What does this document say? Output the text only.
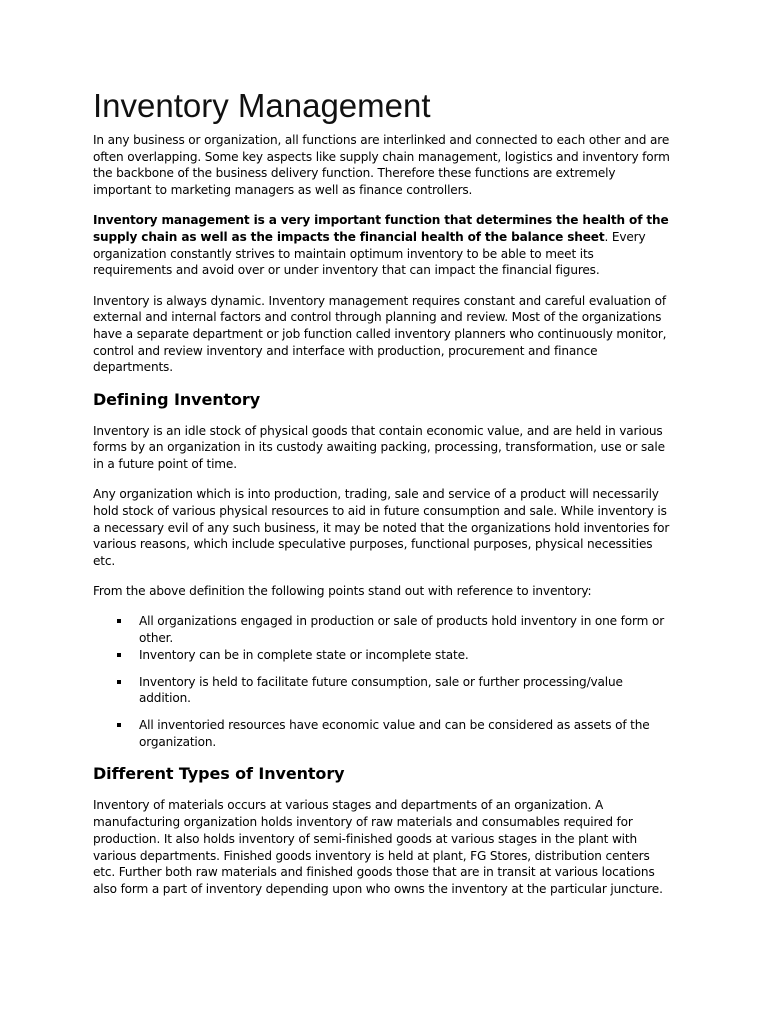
Inventory Management

In any business or organization, all functions are interlinked and connected to each other and are often overlapping. Some key aspects like supply chain management, logistics and inventory form the backbone of the business delivery function. Therefore these functions are extremely important to marketing managers as well as finance controllers.

Inventory management is a very important function that determines the health of the supply chain as well as the impacts the financial health of the balance sheet. Every organization constantly strives to maintain optimum inventory to be able to meet its requirements and avoid over or under inventory that can impact the financial figures.

Inventory is always dynamic. Inventory management requires constant and careful evaluation of external and internal factors and control through planning and review. Most of the organizations have a separate department or job function called inventory planners who continuously monitor, control and review inventory and interface with production, procurement and finance departments.

Defining Inventory

Inventory is an idle stock of physical goods that contain economic value, and are held in various forms by an organization in its custody awaiting packing, processing, transformation, use or sale in a future point of time.

Any organization which is into production, trading, sale and service of a product will necessarily hold stock of various physical resources to aid in future consumption and sale. While inventory is a necessary evil of any such business, it may be noted that the organizations hold inventories for various reasons, which include speculative purposes, functional purposes, physical necessities etc.

From the above definition the following points stand out with reference to inventory:

All organizations engaged in production or sale of products hold inventory in one form or other.
Inventory can be in complete state or incomplete state.
Inventory is held to facilitate future consumption, sale or further processing/value addition.
All inventoried resources have economic value and can be considered as assets of the organization.
Different Types of Inventory

Inventory of materials occurs at various stages and departments of an organization. A manufacturing organization holds inventory of raw materials and consumables required for production. It also holds inventory of semi-finished goods at various stages in the plant with various departments. Finished goods inventory is held at plant, FG Stores, distribution centers etc. Further both raw materials and finished goods those that are in transit at various locations also form a part of inventory depending upon who owns the inventory at the particular juncture.
